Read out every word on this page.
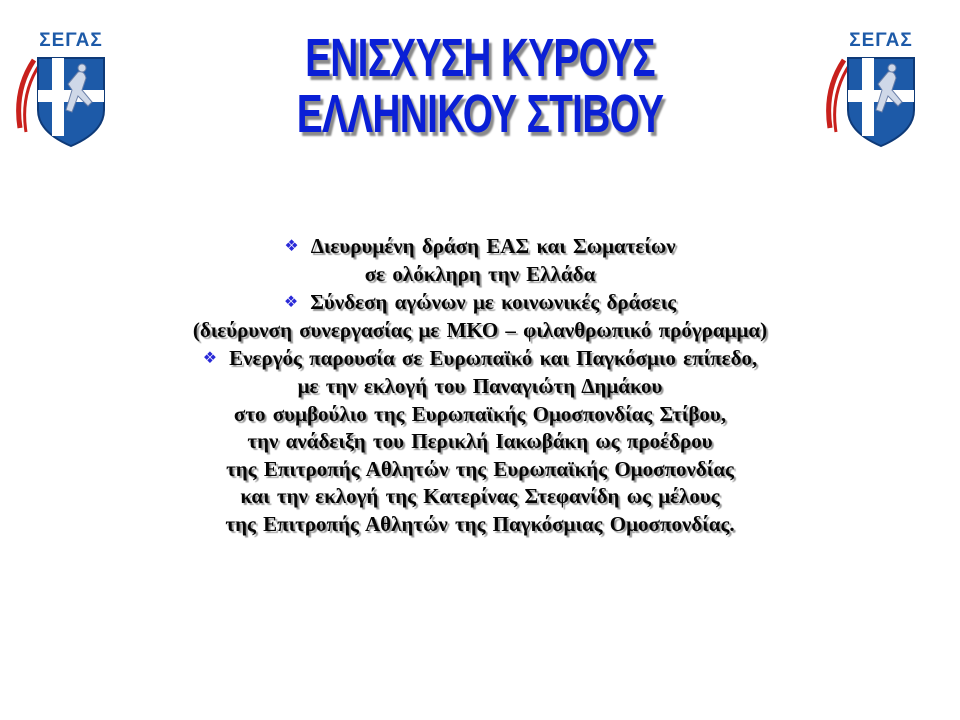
ΣΕΓΑΣ	ΣΕΓΑΣ
ΕΝΙΣΧΥΣΗ ΚΥΡΟΥΣ
ΕΛΛΗΝΙΚΟΥ ΣΤΙΒΟΥ
❖ Διευρυμένη δράση ΕΑΣ και Σωματείων
σε ολόκληρη την Ελλάδα
❖ Σύνδεση αγώνων με κοινωνικές δράσεις
(διεύρυνση συνεργασίας με ΜΚΟ – φιλανθρωπικό πρόγραμμα)
❖ Ενεργός παρουσία σε Ευρωπαϊκό και Παγκόσμιο επίπεδο,
με την εκλογή του Παναγιώτη Δημάκου
στο συμβούλιο της Ευρωπαϊκής Ομοσπονδίας Στίβου,
την ανάδειξη του Περικλή Ιακωβάκη ως προέδρου
της Επιτροπής Αθλητών της Ευρωπαϊκής Ομοσπονδίας
και την εκλογή της Κατερίνας Στεφανίδη ως μέλους
της Επιτροπής Αθλητών της Παγκόσμιας Ομοσπονδίας.
